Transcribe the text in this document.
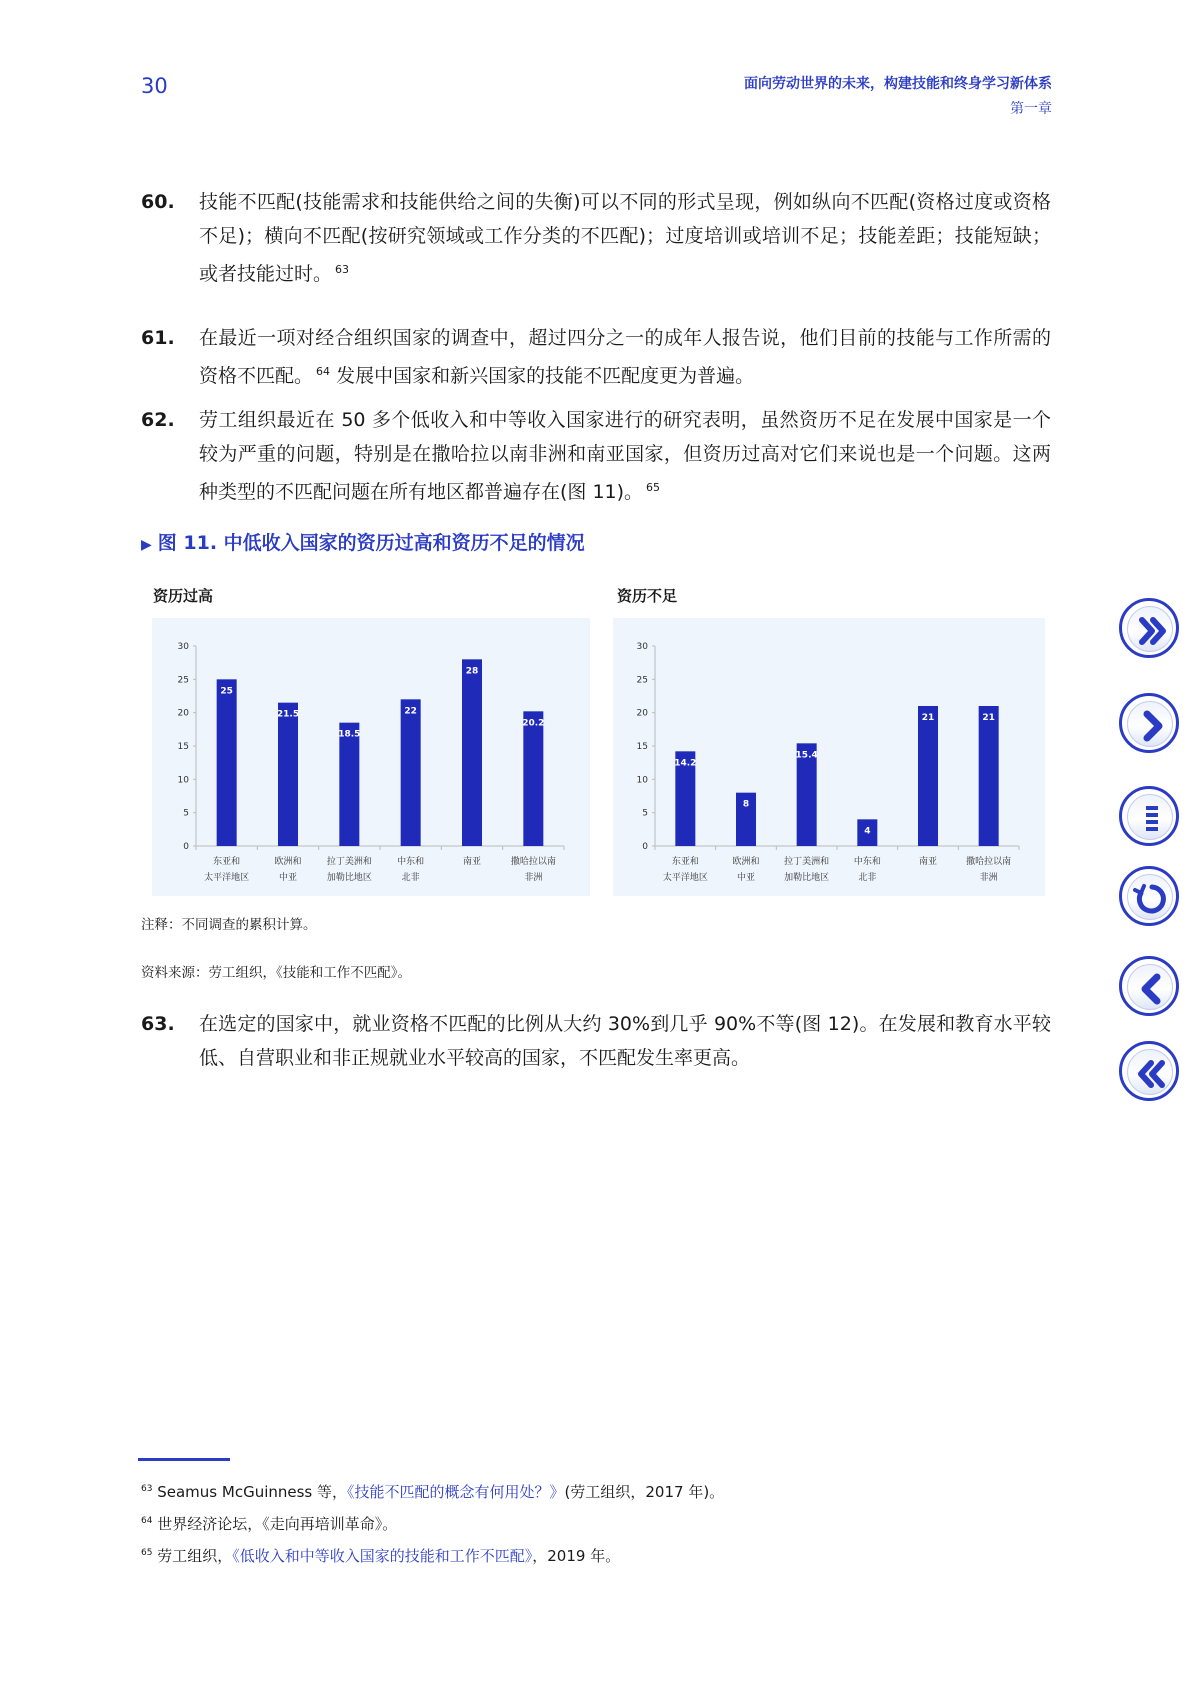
30	面向劳动世界的未来，构建技能和终身学习新体系
第一章
60. 技能不匹配(技能需求和技能供给之间的失衡)可以不同的形式呈现，例如纵向不匹配(资格过度或资格不足)；横向不匹配(按研究领域或工作分类的不匹配)；过度培训或培训不足；技能差距；技能短缺；或者技能过时。 $^{63}$
61. 在最近一项对经合组织国家的调查中，超过四分之一的成年人报告说，他们目前的技能与工作所需的资格不匹配。 $^{64}$ 发展中国家和新兴国家的技能不匹配度更为普遍。
62. 劳工组织最近在 50 多个低收入和中等收入国家进行的研究表明，虽然资历不足在发展中国家是一个较为严重的问题，特别是在撒哈拉以南非洲和南亚国家，但资历过高对它们来说也是一个问题。这两种类型的不匹配问题在所有地区都普遍存在(图 11)。 $^{65}$
▶ 图 11. 中低收入国家的资历过高和资历不足的情况
资历过高
0
5
10
15
20
25
30
25
东亚和
太平洋地区
21.5
欧洲和
中亚
18.5
拉丁美洲和
加勒比地区
22
中东和
北非
28
南亚
20.2
撒哈拉以南
非洲
资历不足
0
5
10
15
20
25
30
14.2
东亚和
太平洋地区
8
欧洲和
中亚
15.4
拉丁美洲和
加勒比地区
4
中东和
北非
21
南亚
21
撒哈拉以南
非洲
注释：不同调查的累积计算。
资料来源：劳工组织，《技能和工作不匹配》。
63. 在选定的国家中，就业资格不匹配的比例从大约 30%到几乎 90%不等(图 12)。在发展和教育水平较低、自营职业和非正规就业水平较高的国家，不匹配发生率更高。
$^{63}$ Seamus McGuinness 等，《技能不匹配的概念有何用处？》(劳工组织，2017 年)。
$^{64}$ 世界经济论坛，《走向再培训革命》。
$^{65}$ 劳工组织，《低收入和中等收入国家的技能和工作不匹配》，2019 年。
